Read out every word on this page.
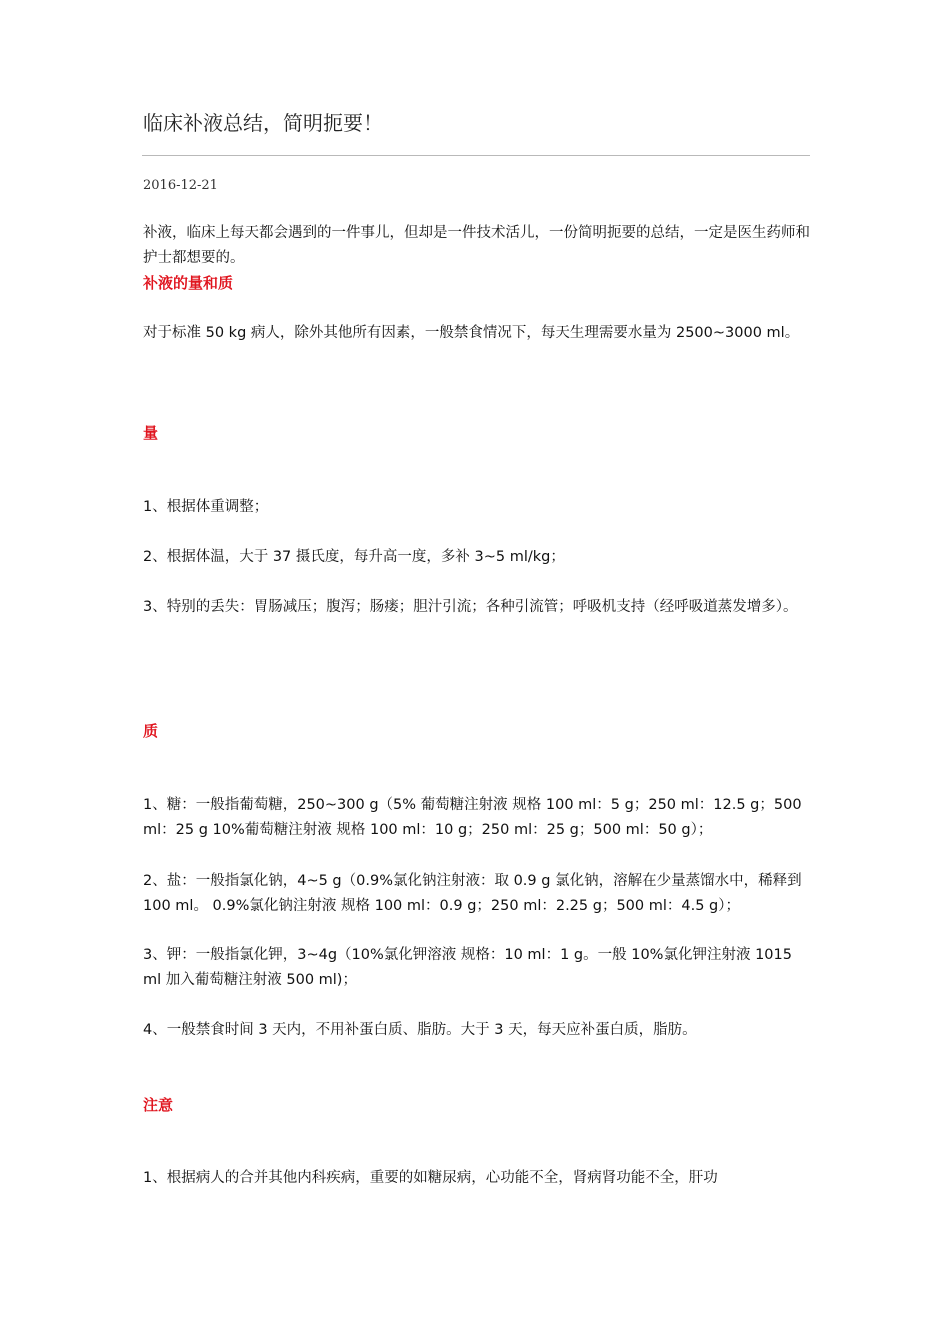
临床补液总结，简明扼要！
2016-12-21

补液，临床上每天都会遇到的一件事儿，但却是一件技术活儿，一份简明扼要的总结，一定是医生药师和护士都想要的。

补液的量和质

对于标准 50 kg 病人，除外其他所有因素，一般禁食情况下，每天生理需要水量为 2500~3000 ml。

量

1、根据体重调整；

2、根据体温，大于 37 摄氏度，每升高一度，多补 3~5 ml/kg；

3、特别的丢失：胃肠减压；腹泻；肠瘘；胆汁引流；各种引流管；呼吸机支持（经呼吸道蒸发增多）。

质

1、糖：一般指葡萄糖，250~300 g（5% 葡萄糖注射液 规格 100 ml：5 g；250 ml：12.5 g；500 ml：25 g 10%葡萄糖注射液 规格 100 ml：10 g；250 ml：25 g；500 ml：50 g）；

2、盐：一般指氯化钠，4~5 g（0.9%氯化钠注射液：取 0.9 g 氯化钠，溶解在少量蒸馏水中，稀释到 100 ml。 0.9%氯化钠注射液 规格 100 ml：0.9 g；250 ml：2.25 g；500 ml：4.5 g）；

3、钾：一般指氯化钾，3~4g（10%氯化钾溶液 规格：10 ml：1 g。一般 10%氯化钾注射液 1015 ml 加入葡萄糖注射液 500 ml)；

4、一般禁食时间 3 天内，不用补蛋白质、脂肪。大于 3 天，每天应补蛋白质，脂肪。

注意

1、根据病人的合并其他内科疾病，重要的如糖尿病，心功能不全，肾病肾功能不全，肝功
